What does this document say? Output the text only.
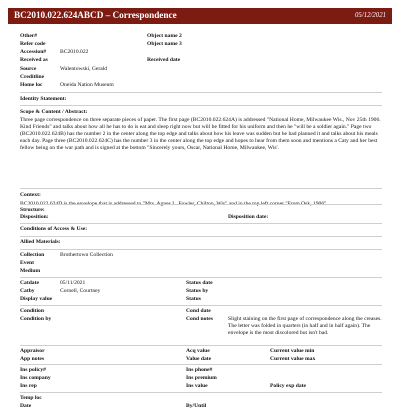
BC2010.022.624ABCD – Correspondence	05/12/2021
Other#	Object name 2
Refer code	Object name 3
Accession# BC2010.022
Received as	Received date
Source	Walentowski, Gerald
Creditline
Home loc	Oneida Nation Museum
Identity Statement:
Scope & Content / Abstract:
Three page correspondence on three separate pieces of paper. The first page (BC2010.022.624A) is addressed "National Home, Milwaukee Wis., Nov 25th 1906. Kind Friends" and talks about how all he has to do is eat and sleep right now but will be fitted for his uniform and then he "will be a soldier again." Page two (BC2010.022.624B) has the number 2 in the center along the top edge and talks about how his leave was sudden but he had planned it and talks about his meals each day. Page three (BC2010.022.624C) has the number 3 in the center along the top edge and hopes to hear from them soon and mentions a Caty and her best fellow being on the war path and is signed at the bottom "Sincerely yours, Oscar, National Home, Milwaukee, Wis'.
BC2010.022.624D is the envelope that is addressed to "Mrs. Agnes L. Fowler, Chilton, Wis" and in the top left corner "From Osk, 1906".
Context:
Structure:
Disposition:	Disposition date:
Conditions of Access & Use:
Allied Materials:
Collection	Brothertown Collection
Event
Medium
Catdate	05/11/2021	Status date
Catby	Cornell, Courtney	Status by
Display value	Status
Condition	Cond date
Condition by	Cond notes	Slight staining on the first page of correspondence along the creases. The letter was folded in quarters (in half and in half again). The envelope is the most discolored but isn't bad.
Appraisor	Acq value	Current value min
App notes	Value date	Current value max
Ins policy#	Ins phone#
Ins company	Ins premium
Ins rep	Ins value	Policy exp date
Temp loc
Date	By/Until
